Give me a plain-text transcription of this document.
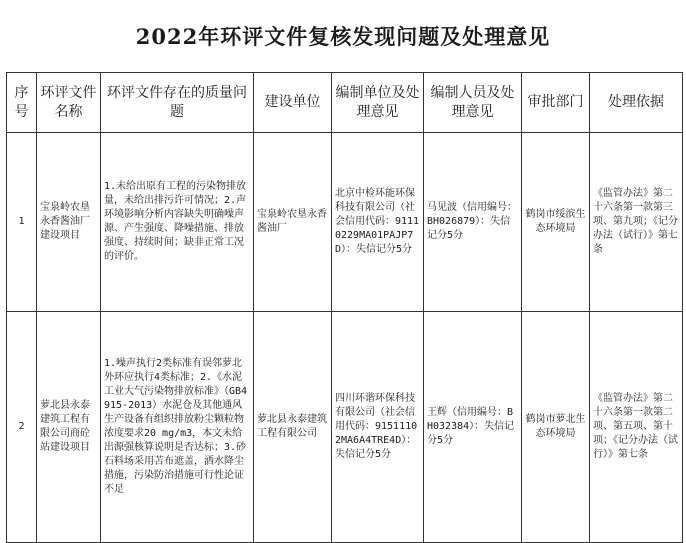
2022年环评文件复核发现问题及处理意见
序号	环评文件名称	环评文件存在的质量问题	建设单位	编制单位及处理意见	编制人员及处理意见	审批部门	处理依据
1	宝泉岭农垦永香酱油厂建设项目	1.未给出原有工程的污染物排放量，未给出排污许可情况；2.声环境影响分析内容缺失明确噪声源、产生强度、降噪措施、排放强度、持续时间；缺非正常工况的评价。	宝泉岭农垦永香酱油厂	北京中检环能环保科技有限公司（社会信用代码：91110229MA01PAJP7D）：失信记分5分	马见波（信用编号：BH026879）：失信记分5分	鹤岗市绥滨生态环境局	《监管办法》第二十六条第一款第三项、第九项；《记分办法（试行）》第七条
2	萝北县永泰建筑工程有限公司商砼站建设项目	1.噪声执行2类标准有误邻萝北外环应执行4类标准；2.《水泥工业大气污染物排放标准》（GB4915-2013）水泥仓及其他通风生产设备有组织排放粉尘颗粒物浓度要求20 mg/m3，本文未给出源强核算说明是否达标；3.砂石料场采用苫布遮盖，洒水降尘措施，污染防治措施可行性论证不足	萝北县永泰建筑工程有限公司	四川环谐环保科技有限公司（社会信用代码：91511102MA6A4TRE4D）：失信记分5分	王辉（信用编号：BH032384）：失信记分5分	鹤岗市萝北生态环境局	《监管办法》第二十六条第一款第二项、第五项、第十项；《记分办法（试行）》第七条
